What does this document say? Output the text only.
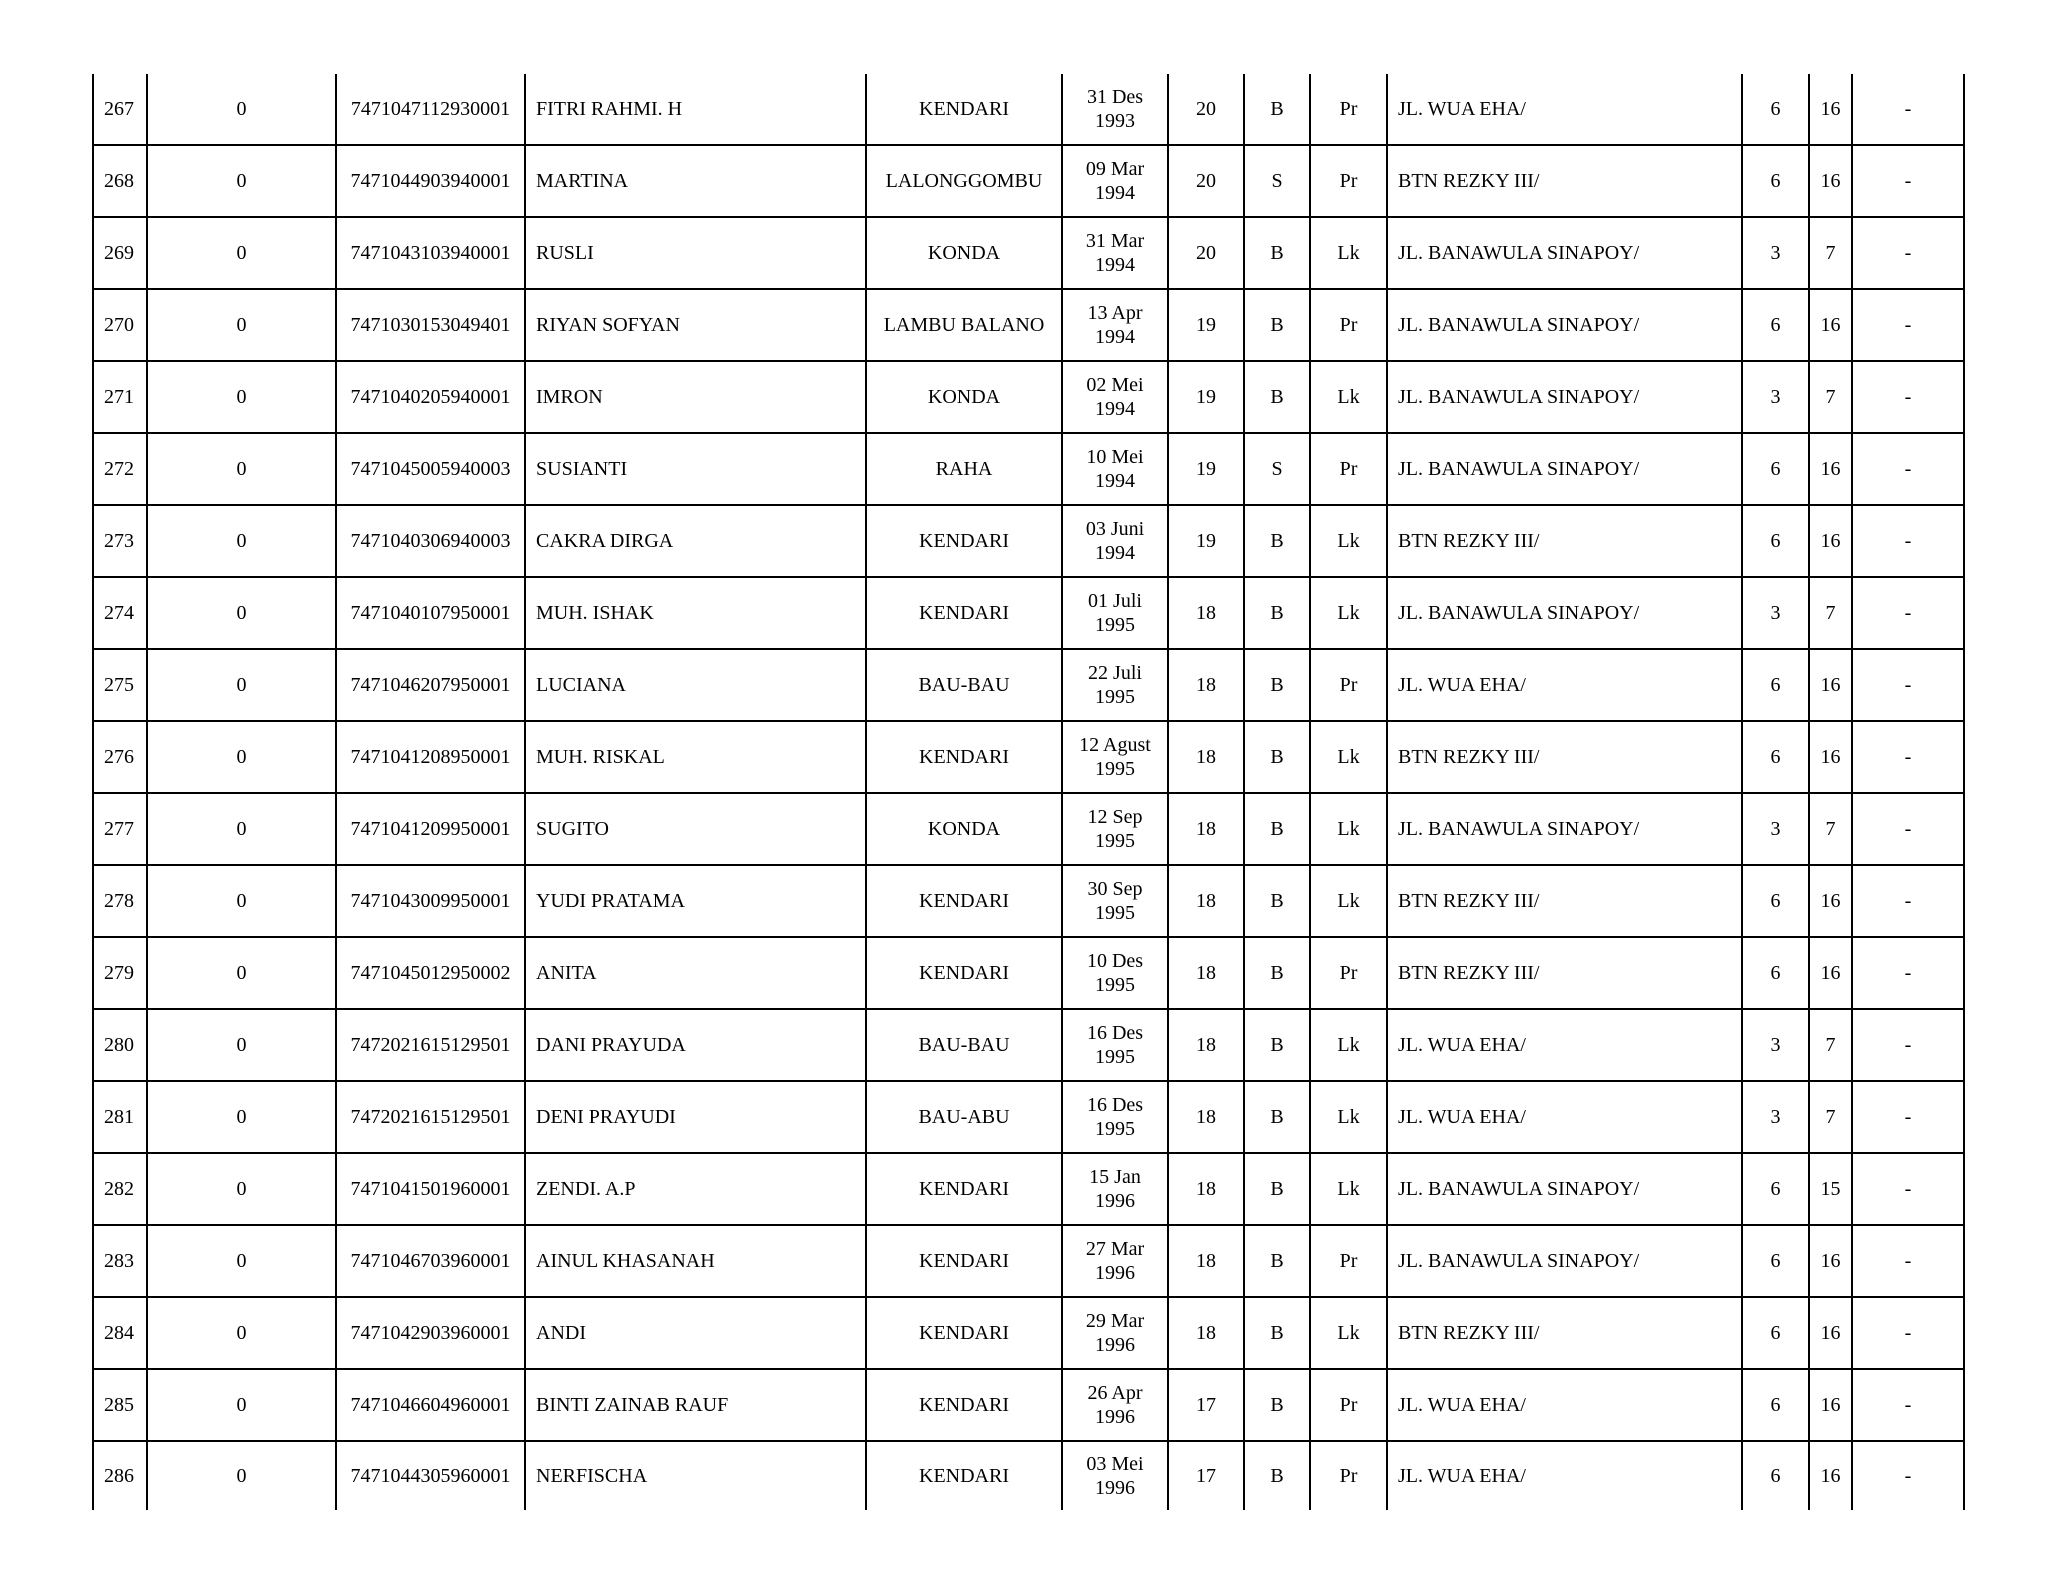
267	0	7471047112930001	FITRI RAHMI. H	KENDARI	31 Des
1993	20	B	Pr	JL. WUA EHA/	6	16	-
268	0	7471044903940001	MARTINA	LALONGGOMBU	09 Mar
1994	20	S	Pr	BTN REZKY III/	6	16	-
269	0	7471043103940001	RUSLI	KONDA	31 Mar
1994	20	B	Lk	JL. BANAWULA SINAPOY/	3	7	-
270	0	7471030153049401	RIYAN SOFYAN	LAMBU BALANO	13 Apr
1994	19	B	Pr	JL. BANAWULA SINAPOY/	6	16	-
271	0	7471040205940001	IMRON	KONDA	02 Mei
1994	19	B	Lk	JL. BANAWULA SINAPOY/	3	7	-
272	0	7471045005940003	SUSIANTI	RAHA	10 Mei
1994	19	S	Pr	JL. BANAWULA SINAPOY/	6	16	-
273	0	7471040306940003	CAKRA DIRGA	KENDARI	03 Juni
1994	19	B	Lk	BTN REZKY III/	6	16	-
274	0	7471040107950001	MUH. ISHAK	KENDARI	01 Juli
1995	18	B	Lk	JL. BANAWULA SINAPOY/	3	7	-
275	0	7471046207950001	LUCIANA	BAU-BAU	22 Juli
1995	18	B	Pr	JL. WUA EHA/	6	16	-
276	0	7471041208950001	MUH. RISKAL	KENDARI	12 Agust
1995	18	B	Lk	BTN REZKY III/	6	16	-
277	0	7471041209950001	SUGITO	KONDA	12 Sep
1995	18	B	Lk	JL. BANAWULA SINAPOY/	3	7	-
278	0	7471043009950001	YUDI PRATAMA	KENDARI	30 Sep
1995	18	B	Lk	BTN REZKY III/	6	16	-
279	0	7471045012950002	ANITA	KENDARI	10 Des
1995	18	B	Pr	BTN REZKY III/	6	16	-
280	0	7472021615129501	DANI PRAYUDA	BAU-BAU	16 Des
1995	18	B	Lk	JL. WUA EHA/	3	7	-
281	0	7472021615129501	DENI PRAYUDI	BAU-ABU	16 Des
1995	18	B	Lk	JL. WUA EHA/	3	7	-
282	0	7471041501960001	ZENDI. A.P	KENDARI	15 Jan
1996	18	B	Lk	JL. BANAWULA SINAPOY/	6	15	-
283	0	7471046703960001	AINUL KHASANAH	KENDARI	27 Mar
1996	18	B	Pr	JL. BANAWULA SINAPOY/	6	16	-
284	0	7471042903960001	ANDI	KENDARI	29 Mar
1996	18	B	Lk	BTN REZKY III/	6	16	-
285	0	7471046604960001	BINTI ZAINAB RAUF	KENDARI	26 Apr
1996	17	B	Pr	JL. WUA EHA/	6	16	-
286	0	7471044305960001	NERFISCHA	KENDARI	03 Mei
1996	17	B	Pr	JL. WUA EHA/	6	16	-
